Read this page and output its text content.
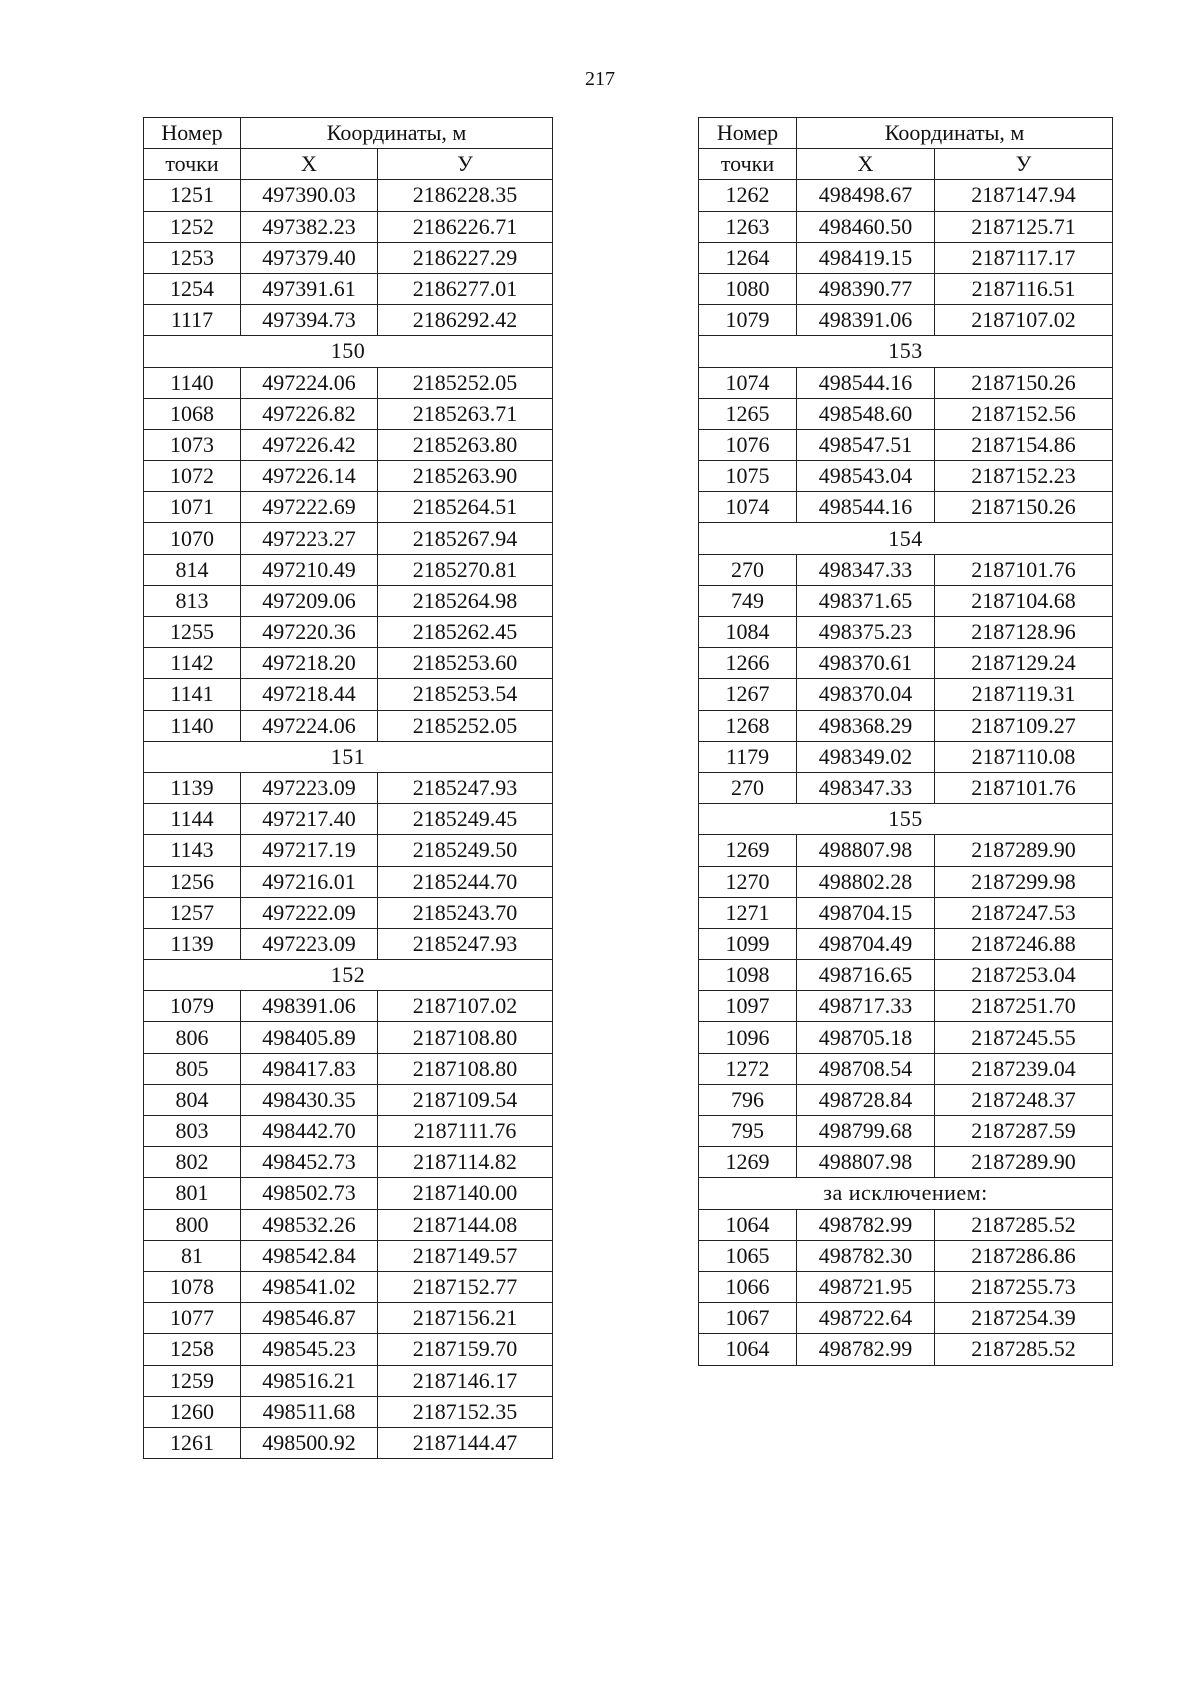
217
Номер	Координаты, м	
точки	X	У
1251	497390.03	2186228.35
1252	497382.23	2186226.71
1253	497379.40	2186227.29
1254	497391.61	2186277.01
1117	497394.73	2186292.42
150		
1140	497224.06	2185252.05
1068	497226.82	2185263.71
1073	497226.42	2185263.80
1072	497226.14	2185263.90
1071	497222.69	2185264.51
1070	497223.27	2185267.94
814	497210.49	2185270.81
813	497209.06	2185264.98
1255	497220.36	2185262.45
1142	497218.20	2185253.60
1141	497218.44	2185253.54
1140	497224.06	2185252.05
151		
1139	497223.09	2185247.93
1144	497217.40	2185249.45
1143	497217.19	2185249.50
1256	497216.01	2185244.70
1257	497222.09	2185243.70
1139	497223.09	2185247.93
152		
1079	498391.06	2187107.02
806	498405.89	2187108.80
805	498417.83	2187108.80
804	498430.35	2187109.54
803	498442.70	2187111.76
802	498452.73	2187114.82
801	498502.73	2187140.00
800	498532.26	2187144.08
81	498542.84	2187149.57
1078	498541.02	2187152.77
1077	498546.87	2187156.21
1258	498545.23	2187159.70
1259	498516.21	2187146.17
1260	498511.68	2187152.35
1261	498500.92	2187144.47
Номер	Координаты, м	
точки	X	У
1262	498498.67	2187147.94
1263	498460.50	2187125.71
1264	498419.15	2187117.17
1080	498390.77	2187116.51
1079	498391.06	2187107.02
153		
1074	498544.16	2187150.26
1265	498548.60	2187152.56
1076	498547.51	2187154.86
1075	498543.04	2187152.23
1074	498544.16	2187150.26
154		
270	498347.33	2187101.76
749	498371.65	2187104.68
1084	498375.23	2187128.96
1266	498370.61	2187129.24
1267	498370.04	2187119.31
1268	498368.29	2187109.27
1179	498349.02	2187110.08
270	498347.33	2187101.76
155		
1269	498807.98	2187289.90
1270	498802.28	2187299.98
1271	498704.15	2187247.53
1099	498704.49	2187246.88
1098	498716.65	2187253.04
1097	498717.33	2187251.70
1096	498705.18	2187245.55
1272	498708.54	2187239.04
796	498728.84	2187248.37
795	498799.68	2187287.59
1269	498807.98	2187289.90
за исключением:		
1064	498782.99	2187285.52
1065	498782.30	2187286.86
1066	498721.95	2187255.73
1067	498722.64	2187254.39
1064	498782.99	2187285.52
